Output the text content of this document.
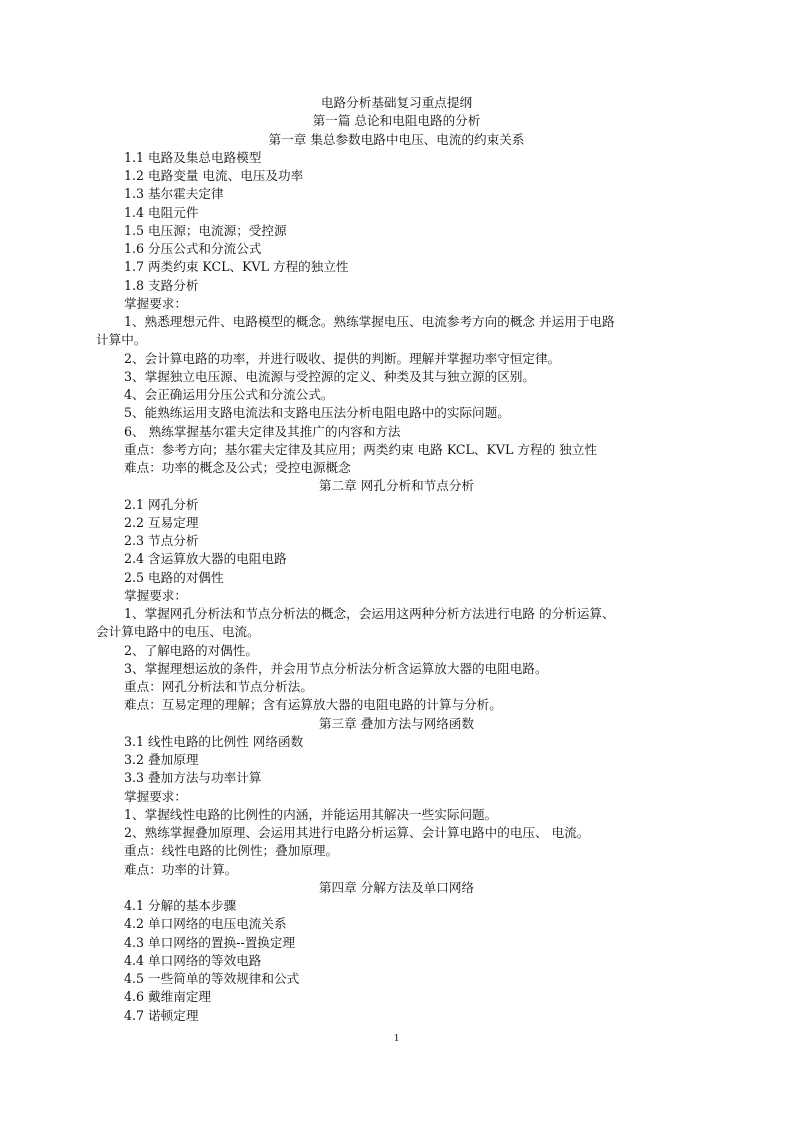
电路分析基础复习重点提纲
第一篇 总论和电阻电路的分析
第一章 集总参数电路中电压、电流的约束关系
1.1 电路及集总电路模型
1.2 电路变量 电流、电压及功率
1.3 基尔霍夫定律
1.4 电阻元件
1.5 电压源；电流源；受控源
1.6 分压公式和分流公式
1.7 两类约束 KCL、KVL 方程的独立性
1.8 支路分析
掌握要求：
1、熟悉理想元件、电路模型的概念。熟练掌握电压、电流参考方向的概念 并运用于电路
计算中。
2、会计算电路的功率，并进行吸收、提供的判断。理解并掌握功率守恒定律。
3、掌握独立电压源、电流源与受控源的定义、种类及其与独立源的区别。
4、会正确运用分压公式和分流公式。
5、能熟练运用支路电流法和支路电压法分析电阻电路中的实际问题。
6、 熟练掌握基尔霍夫定律及其推广的内容和方法
重点：参考方向；基尔霍夫定律及其应用；两类约束 电路 KCL、KVL 方程的 独立性
难点：功率的概念及公式；受控电源概念
第二章 网孔分析和节点分析
2.1 网孔分析
2.2 互易定理
2.3 节点分析
2.4 含运算放大器的电阻电路
2.5 电路的对偶性
掌握要求：
1、掌握网孔分析法和节点分析法的概念，会运用这两种分析方法进行电路 的分析运算、
会计算电路中的电压、电流。
2、了解电路的对偶性。
3、掌握理想运放的条件，并会用节点分析法分析含运算放大器的电阻电路。
重点：网孔分析法和节点分析法。
难点：互易定理的理解；含有运算放大器的电阻电路的计算与分析。
第三章 叠加方法与网络函数
3.1 线性电路的比例性 网络函数
3.2 叠加原理
3.3 叠加方法与功率计算
掌握要求：
1、掌握线性电路的比例性的内涵，并能运用其解决一些实际问题。
2、熟练掌握叠加原理、会运用其进行电路分析运算、会计算电路中的电压、 电流。
重点：线性电路的比例性；叠加原理。
难点：功率的计算。
第四章 分解方法及单口网络
4.1 分解的基本步骤
4.2 单口网络的电压电流关系
4.3 单口网络的置换--置换定理
4.4 单口网络的等效电路
4.5 一些简单的等效规律和公式
4.6 戴维南定理
4.7 诺顿定理
1
